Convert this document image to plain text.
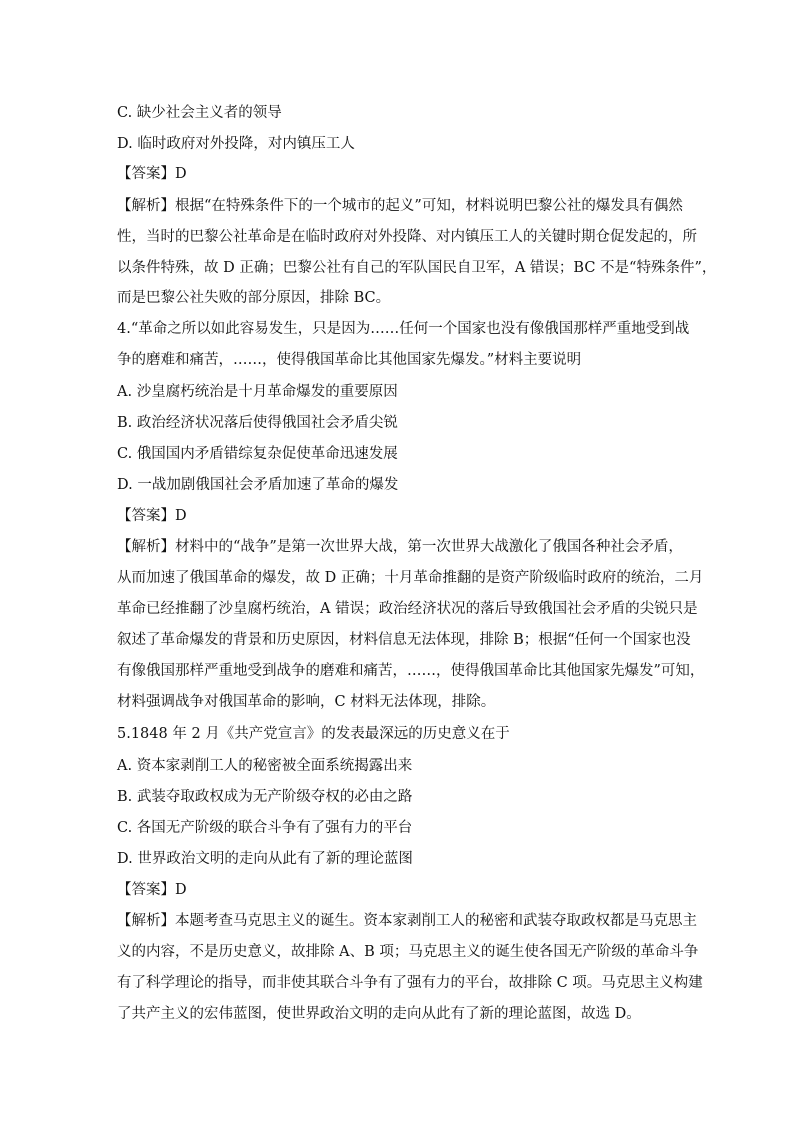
C. 缺少社会主义者的领导
D. 临时政府对外投降，对内镇压工人
【答案】D
【解析】根据“在特殊条件下的一个城市的起义”可知，材料说明巴黎公社的爆发具有偶然
性，当时的巴黎公社革命是在临时政府对外投降、对内镇压工人的关键时期仓促发起的，所
以条件特殊，故 D 正确；巴黎公社有自己的军队国民自卫军，A 错误；BC 不是“特殊条件”，
而是巴黎公社失败的部分原因，排除 BC。
4.“革命之所以如此容易发生，只是因为……任何一个国家也没有像俄国那样严重地受到战
争的磨难和痛苦，……，使得俄国革命比其他国家先爆发。”材料主要说明
A. 沙皇腐朽统治是十月革命爆发的重要原因
B. 政治经济状况落后使得俄国社会矛盾尖锐
C. 俄国国内矛盾错综复杂促使革命迅速发展
D. 一战加剧俄国社会矛盾加速了革命的爆发
【答案】D
【解析】材料中的“战争”是第一次世界大战，第一次世界大战激化了俄国各种社会矛盾，
从而加速了俄国革命的爆发，故 D 正确；十月革命推翻的是资产阶级临时政府的统治，二月
革命已经推翻了沙皇腐朽统治，A 错误；政治经济状况的落后导致俄国社会矛盾的尖锐只是
叙述了革命爆发的背景和历史原因，材料信息无法体现，排除 B；根据“任何一个国家也没
有像俄国那样严重地受到战争的磨难和痛苦，……，使得俄国革命比其他国家先爆发”可知，
材料强调战争对俄国革命的影响，C 材料无法体现，排除。
5.1848 年 2 月《共产党宣言》的发表最深远的历史意义在于
A. 资本家剥削工人的秘密被全面系统揭露出来
B. 武装夺取政权成为无产阶级夺权的必由之路
C. 各国无产阶级的联合斗争有了强有力的平台
D. 世界政治文明的走向从此有了新的理论蓝图
【答案】D
【解析】本题考查马克思主义的诞生。资本家剥削工人的秘密和武装夺取政权都是马克思主
义的内容，不是历史意义，故排除 A、B 项；马克思主义的诞生使各国无产阶级的革命斗争
有了科学理论的指导，而非使其联合斗争有了强有力的平台，故排除 C 项。马克思主义构建
了共产主义的宏伟蓝图，使世界政治文明的走向从此有了新的理论蓝图，故选 D。
